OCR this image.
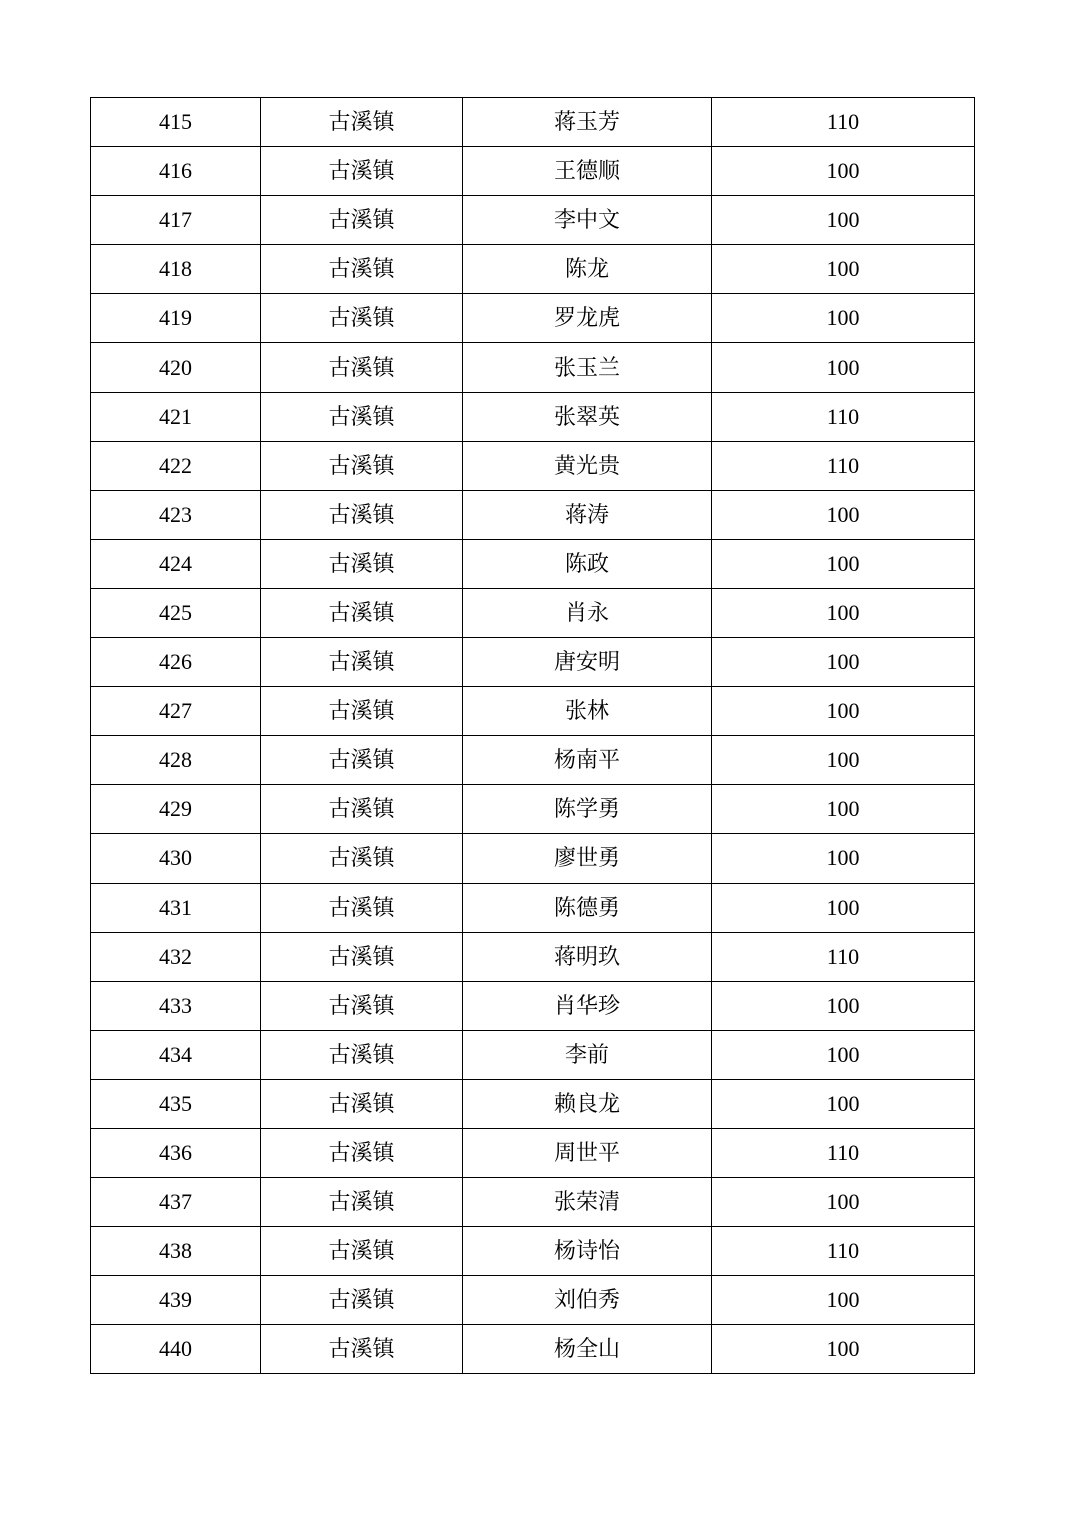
415	古溪镇	蒋玉芳	110
416	古溪镇	王德顺	100
417	古溪镇	李中文	100
418	古溪镇	陈龙	100
419	古溪镇	罗龙虎	100
420	古溪镇	张玉兰	100
421	古溪镇	张翠英	110
422	古溪镇	黄光贵	110
423	古溪镇	蒋涛	100
424	古溪镇	陈政	100
425	古溪镇	肖永	100
426	古溪镇	唐安明	100
427	古溪镇	张林	100
428	古溪镇	杨南平	100
429	古溪镇	陈学勇	100
430	古溪镇	廖世勇	100
431	古溪镇	陈德勇	100
432	古溪镇	蒋明玖	110
433	古溪镇	肖华珍	100
434	古溪镇	李前	100
435	古溪镇	赖良龙	100
436	古溪镇	周世平	110
437	古溪镇	张荣清	100
438	古溪镇	杨诗怡	110
439	古溪镇	刘伯秀	100
440	古溪镇	杨全山	100
